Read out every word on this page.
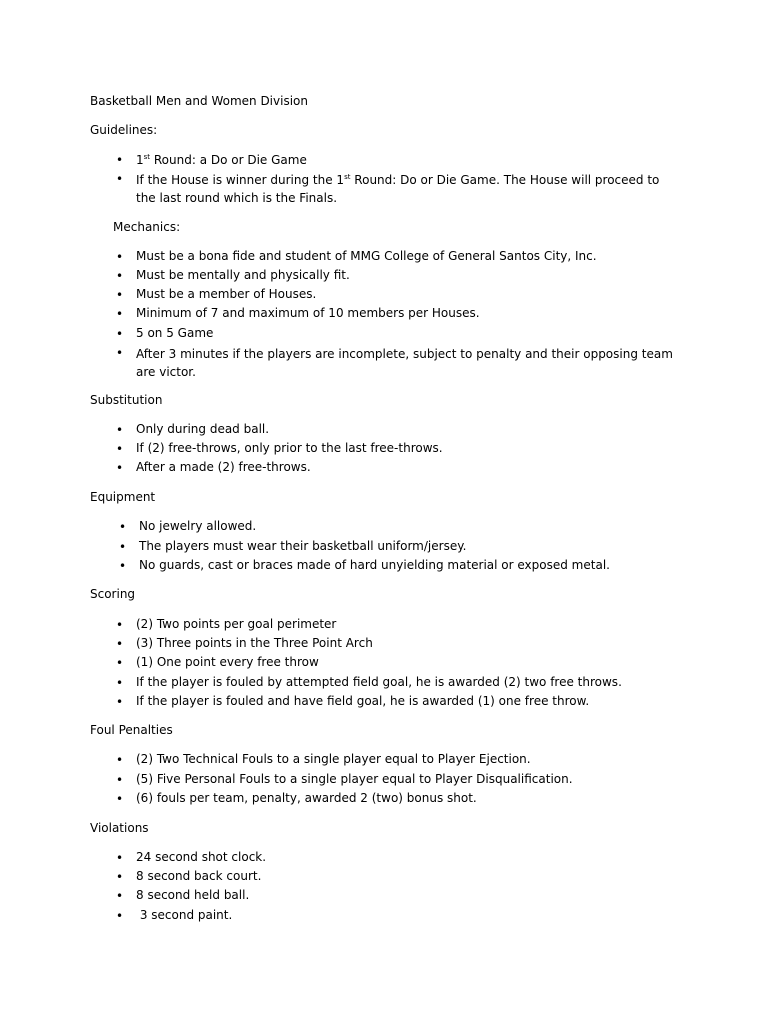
Basketball Men and Women Division
Guidelines:
• 1st Round: a Do or Die Game
• If the House is winner during the 1st Round: Do or Die Game. The House will proceed to the last round which is the Finals.
Mechanics:
• Must be a bona fide and student of MMG College of General Santos City, Inc.
• Must be mentally and physically fit.
• Must be a member of Houses.
• Minimum of 7 and maximum of 10 members per Houses.
• 5 on 5 Game
• After 3 minutes if the players are incomplete, subject to penalty and their opposing team are victor.
Substitution
• Only during dead ball.
• If (2) free-throws, only prior to the last free-throws.
• After a made (2) free-throws.
Equipment
• No jewelry allowed.
• The players must wear their basketball uniform/jersey.
• No guards, cast or braces made of hard unyielding material or exposed metal.
Scoring
• (2) Two points per goal perimeter
• (3) Three points in the Three Point Arch
• (1) One point every free throw
• If the player is fouled by attempted field goal, he is awarded (2) two free throws.
• If the player is fouled and have field goal, he is awarded (1) one free throw.
Foul Penalties
• (2) Two Technical Fouls to a single player equal to Player Ejection.
• (5) Five Personal Fouls to a single player equal to Player Disqualification.
• (6) fouls per team, penalty, awarded 2 (two) bonus shot.
Violations
• 24 second shot clock.
• 8 second back court.
• 8 second held ball.
• 3 second paint.
